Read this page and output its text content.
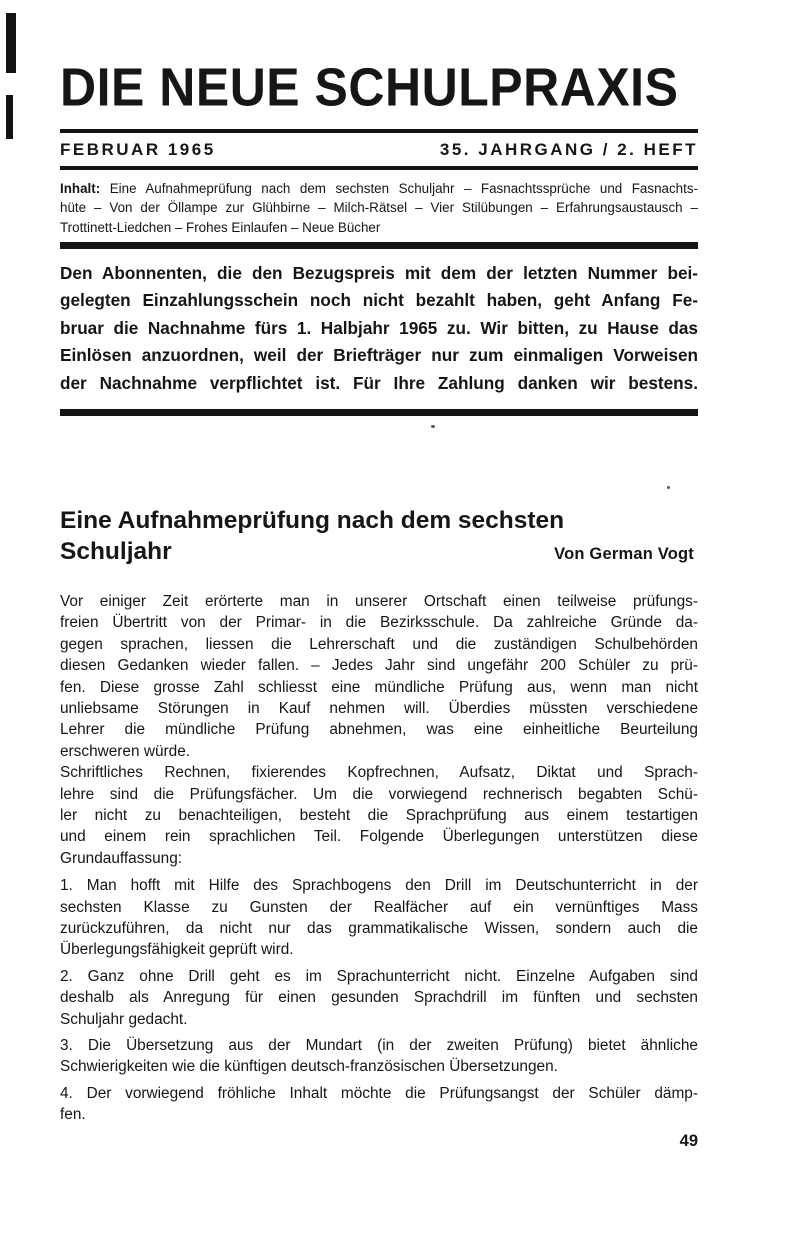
DIE NEUE SCHULPRAXIS
FEBRUAR 1965	35. JAHRGANG / 2. HEFT
Inhalt: Eine Aufnahmeprüfung nach dem sechsten Schuljahr – Fasnachtssprüche und Fasnachts-
hüte – Von der Öllampe zur Glühbirne – Milch-Rätsel – Vier Stilübungen – Erfahrungsaustausch –
Trottinett-Liedchen – Frohes Einlaufen – Neue Bücher
Den Abonnenten, die den Bezugspreis mit dem der letzten Nummer bei-
gelegten Einzahlungsschein noch nicht bezahlt haben, geht Anfang Fe-
bruar die Nachnahme fürs 1. Halbjahr 1965 zu. Wir bitten, zu Hause das
Einlösen anzuordnen, weil der Briefträger nur zum einmaligen Vorweisen
der Nachnahme verpflichtet ist. Für Ihre Zahlung danken wir bestens.
Eine Aufnahmeprüfung nach dem sechsten
Schuljahr	Von German Vogt
Vor einiger Zeit erörterte man in unserer Ortschaft einen teilweise prüfungs-
freien Übertritt von der Primar- in die Bezirksschule. Da zahlreiche Gründe da-
gegen sprachen, liessen die Lehrerschaft und die zuständigen Schulbehörden
diesen Gedanken wieder fallen. – Jedes Jahr sind ungefähr 200 Schüler zu prü-
fen. Diese grosse Zahl schliesst eine mündliche Prüfung aus, wenn man nicht
unliebsame Störungen in Kauf nehmen will. Überdies müssten verschiedene
Lehrer die mündliche Prüfung abnehmen, was eine einheitliche Beurteilung
erschweren würde.
Schriftliches Rechnen, fixierendes Kopfrechnen, Aufsatz, Diktat und Sprach-
lehre sind die Prüfungsfächer. Um die vorwiegend rechnerisch begabten Schü-
ler nicht zu benachteiligen, besteht die Sprachprüfung aus einem testartigen
und einem rein sprachlichen Teil. Folgende Überlegungen unterstützen diese
Grundauffassung:
1. Man hofft mit Hilfe des Sprachbogens den Drill im Deutschunterricht in der
sechsten Klasse zu Gunsten der Realfächer auf ein vernünftiges Mass
zurückzuführen, da nicht nur das grammatikalische Wissen, sondern auch die
Überlegungsfähigkeit geprüft wird.
2. Ganz ohne Drill geht es im Sprachunterricht nicht. Einzelne Aufgaben sind
deshalb als Anregung für einen gesunden Sprachdrill im fünften und sechsten
Schuljahr gedacht.
3. Die Übersetzung aus der Mundart (in der zweiten Prüfung) bietet ähnliche
Schwierigkeiten wie die künftigen deutsch-französischen Übersetzungen.
4. Der vorwiegend fröhliche Inhalt möchte die Prüfungsangst der Schüler dämp-
fen.
49
